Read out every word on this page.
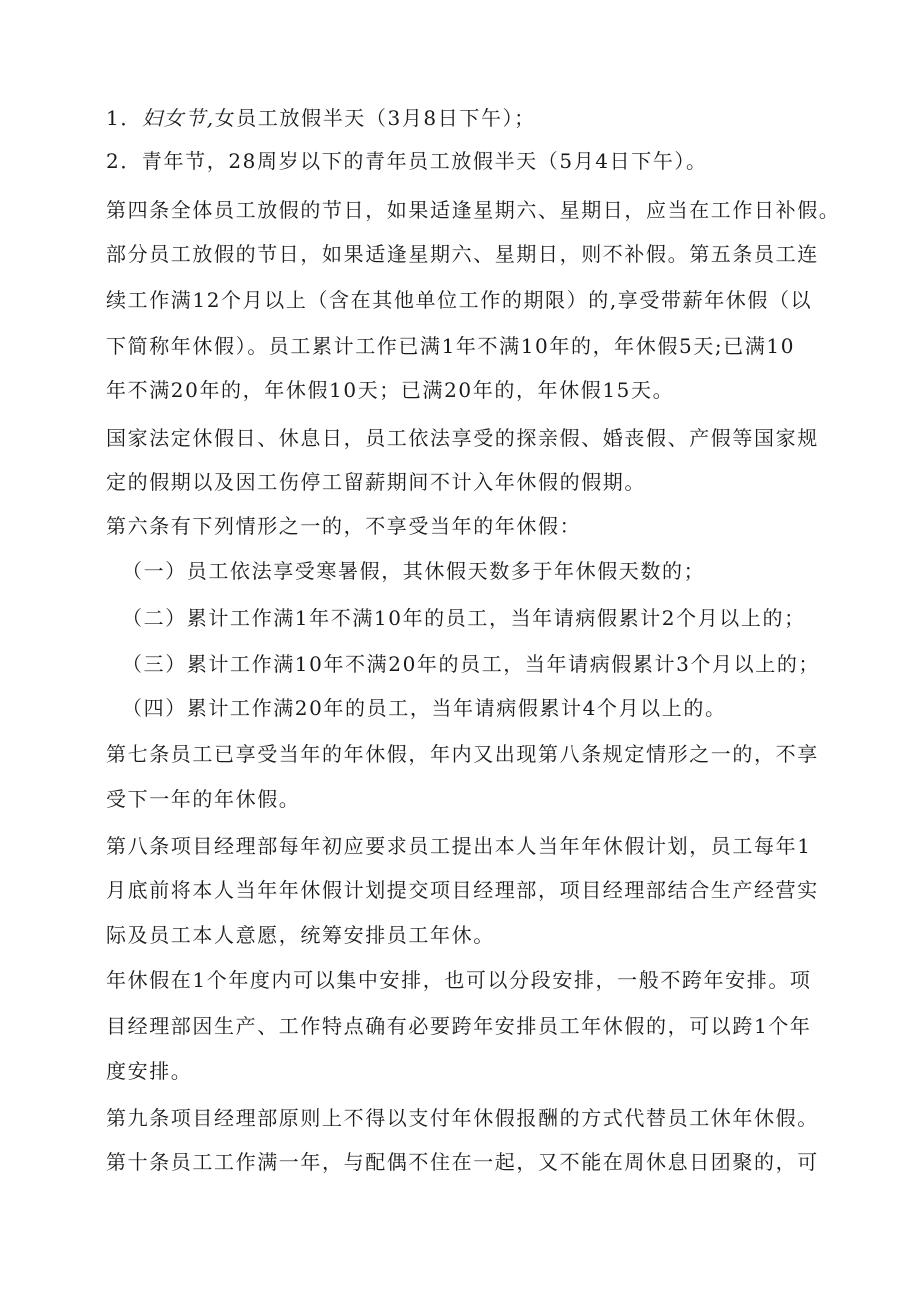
1．妇女节,女员工放假半天（3月8日下午）；
2．青年节，28周岁以下的青年员工放假半天（5月4日下午）。
第四条全体员工放假的节日，如果适逢星期六、星期日，应当在工作日补假。
部分员工放假的节日，如果适逢星期六、星期日，则不补假。第五条员工连
续工作满12个月以上（含在其他单位工作的期限）的,享受带薪年休假（以
下简称年休假）。员工累计工作已满1年不满10年的，年休假5天;已满10
年不满20年的，年休假10天；已满20年的，年休假15天。
国家法定休假日、休息日，员工依法享受的探亲假、婚丧假、产假等国家规
定的假期以及因工伤停工留薪期间不计入年休假的假期。
第六条有下列情形之一的，不享受当年的年休假：
（一）员工依法享受寒暑假，其休假天数多于年休假天数的；
（二）累计工作满1年不满10年的员工，当年请病假累计2个月以上的；
（三）累计工作满10年不满20年的员工，当年请病假累计3个月以上的；
（四）累计工作满20年的员工，当年请病假累计4个月以上的。
第七条员工已享受当年的年休假，年内又出现第八条规定情形之一的，不享
受下一年的年休假。
第八条项目经理部每年初应要求员工提出本人当年年休假计划，员工每年1
月底前将本人当年年休假计划提交项目经理部，项目经理部结合生产经营实
际及员工本人意愿，统筹安排员工年休。
年休假在1个年度内可以集中安排，也可以分段安排，一般不跨年安排。项
目经理部因生产、工作特点确有必要跨年安排员工年休假的，可以跨1个年
度安排。
第九条项目经理部原则上不得以支付年休假报酬的方式代替员工休年休假。
第十条员工工作满一年，与配偶不住在一起，又不能在周休息日团聚的，可
